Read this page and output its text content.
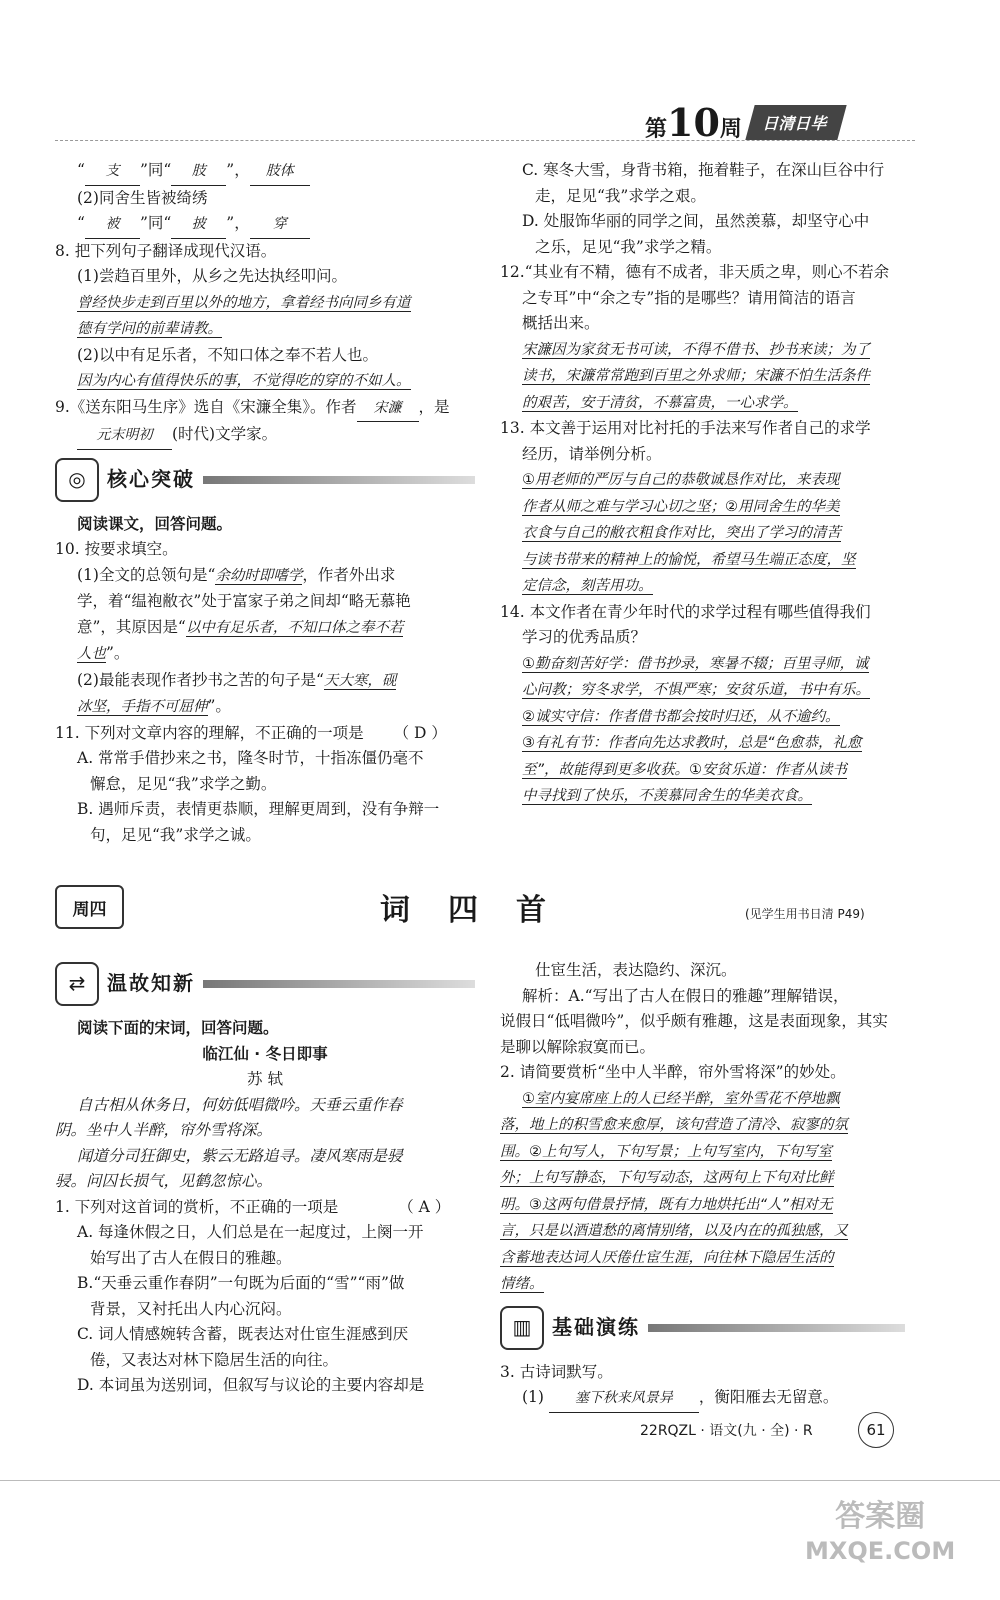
第10周	日清日毕
“ 支 ”同“ 肢 ”， 肢体
(2)同舍生皆被绮绣
“ 被 ”同“ 披 ”， 穿
8. 把下列句子翻译成现代汉语。
(1)尝趋百里外，从乡之先达执经叩问。
曾经快步走到百里以外的地方，拿着经书向同乡有道
德有学问的前辈请教。
(2)以中有足乐者，不知口体之奉不若人也。
因为内心有值得快乐的事，不觉得吃的穿的不如人。
9.《送东阳马生序》选自《宋濂全集》。作者 宋濂 ，是
元末明初 (时代)文学家。
◎	核心突破
阅读课文，回答问题。
10. 按要求填空。
(1)全文的总领句是“余幼时即嗜学，作者外出求
学，着“缊袍敝衣”处于富家子弟之间却“略无慕艳
意”，其原因是“以中有足乐者，不知口体之奉不若
人也”。
(2)最能表现作者抄书之苦的句子是“天大寒，砚
冰坚，手指不可屈伸”。
11. 下列对文章内容的理解，不正确的一项是 （ D ）
A. 常常手借抄来之书，隆冬时节，十指冻僵仍毫不
懈怠，足见“我”求学之勤。
B. 遇师斥责，表情更恭顺，理解更周到，没有争辩一
句，足见“我”求学之诚。
C. 寒冬大雪，身背书箱，拖着鞋子，在深山巨谷中行
走，足见“我”求学之艰。
D. 处服饰华丽的同学之间，虽然羡慕，却坚守心中
之乐，足见“我”求学之精。
12.“其业有不精，德有不成者，非天质之卑，则心不若余
之专耳”中“余之专”指的是哪些？请用简洁的语言
概括出来。
宋濂因为家贫无书可读，不得不借书、抄书来读；为了
读书，宋濂常常跑到百里之外求师；宋濂不怕生活条件
的艰苦，安于清贫，不慕富贵，一心求学。
13. 本文善于运用对比衬托的手法来写作者自己的求学
经历，请举例分析。
①用老师的严厉与自己的恭敬诚恳作对比，来表现
作者从师之难与学习心切之坚；②用同舍生的华美
衣食与自己的敝衣粗食作对比，突出了学习的清苦
与读书带来的精神上的愉悦，希望马生端正态度，坚
定信念，刻苦用功。
14. 本文作者在青少年时代的求学过程有哪些值得我们
学习的优秀品质？
①勤奋刻苦好学：借书抄录，寒暑不辍；百里寻师，诚
心问教；穷冬求学，不惧严寒；安贫乐道，书中有乐。
②诚实守信：作者借书都会按时归还，从不逾约。
③有礼有节：作者向先达求教时，总是“色愈恭，礼愈
至”，故能得到更多收获。①安贫乐道：作者从读书
中寻找到了快乐，不羡慕同舍生的华美衣食。
周四	词四首	(见学生用书日清 P49)
⇄	温故知新
阅读下面的宋词，回答问题。
临江仙 · 冬日即事
苏 轼
自古相从休务日，何妨低唱微吟。天垂云重作春
阴。坐中人半醉，帘外雪将深。
闻道分司狂御史，紫云无路追寻。凄风寒雨是骎
骎。问囚长损气，见鹤忽惊心。
1. 下列对这首词的赏析，不正确的一项是	（ A ）
A. 每逢休假之日，人们总是在一起度过，上阕一开
始写出了古人在假日的雅趣。
B.“天垂云重作春阴”一句既为后面的“雪”“雨”做
背景，又衬托出人内心沉闷。
C. 词人情感婉转含蓄，既表达对仕宦生涯感到厌
倦，又表达对林下隐居生活的向往。
D. 本词虽为送别词，但叙写与议论的主要内容却是
仕宦生活，表达隐约、深沉。
解析：A.“写出了古人在假日的雅趣”理解错误，
说假日“低唱微吟”，似乎颇有雅趣，这是表面现象，其实
是聊以解除寂寞而已。
2. 请简要赏析“坐中人半醉，帘外雪将深”的妙处。
①室内宴席座上的人已经半醉，室外雪花不停地飘
落，地上的积雪愈来愈厚，该句营造了清冷、寂寥的氛
围。②上句写人，下句写景；上句写室内，下句写室
外；上句写静态，下句写动态，这两句上下句对比鲜
明。③这两句借景抒情，既有力地烘托出“人”相对无
言，只是以酒遣愁的离情别绪，以及内在的孤独感，又
含蓄地表达词人厌倦仕宦生涯，向往林下隐居生活的
情绪。
▥	基础演练
3. 古诗词默写。
(1) 塞下秋来风景异 ，衡阳雁去无留意。
22RQZL · 语文(九 · 全) · R	61
答案圈
MXQE.COM
